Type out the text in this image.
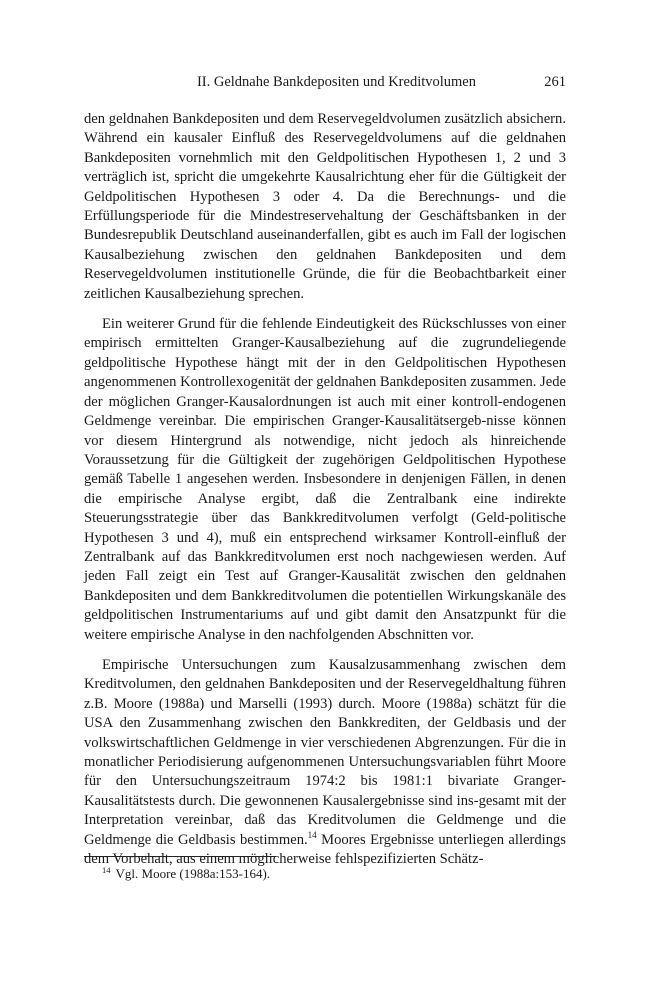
II. Geldnahe Bankdepositen und Kreditvolumen	261

den geldnahen Bankdepositen und dem Reservegeldvolumen zusätzlich absichern. Während ein kausaler Einfluß des Reservegeldvolumens auf die geldnahen Bankdepositen vornehmlich mit den Geldpolitischen Hypothesen 1, 2 und 3 verträglich ist, spricht die umgekehrte Kausalrichtung eher für die Gültigkeit der Geldpolitischen Hypothesen 3 oder 4. Da die Berechnungs- und die Erfüllungsperiode für die Mindestreservehaltung der Geschäftsbanken in der Bundesrepublik Deutschland auseinanderfallen, gibt es auch im Fall der logischen Kausalbeziehung zwischen den geldnahen Bankdepositen und dem Reservegeldvolumen institutionelle Gründe, die für die Beobachtbarkeit einer zeitlichen Kausalbeziehung sprechen.

Ein weiterer Grund für die fehlende Eindeutigkeit des Rückschlusses von einer empirisch ermittelten Granger-Kausalbeziehung auf die zugrundeliegende geldpolitische Hypothese hängt mit der in den Geldpolitischen Hypothesen angenommenen Kontrollexogenität der geldnahen Bankdepositen zusammen. Jede der möglichen Granger-Kausalordnungen ist auch mit einer kontroll-endogenen Geldmenge vereinbar. Die empirischen Granger-Kausalitätsergeb-nisse können vor diesem Hintergrund als notwendige, nicht jedoch als hinreichende Voraussetzung für die Gültigkeit der zugehörigen Geldpolitischen Hypothese gemäß Tabelle 1 angesehen werden. Insbesondere in denjenigen Fällen, in denen die empirische Analyse ergibt, daß die Zentralbank eine indirekte Steuerungsstrategie über das Bankkreditvolumen verfolgt (Geld-politische Hypothesen 3 und 4), muß ein entsprechend wirksamer Kontroll-einfluß der Zentralbank auf das Bankkreditvolumen erst noch nachgewiesen werden. Auf jeden Fall zeigt ein Test auf Granger-Kausalität zwischen den geldnahen Bankdepositen und dem Bankkreditvolumen die potentiellen Wirkungskanäle des geldpolitischen Instrumentariums auf und gibt damit den Ansatzpunkt für die weitere empirische Analyse in den nachfolgenden Abschnitten vor.

Empirische Untersuchungen zum Kausalzusammenhang zwischen dem Kreditvolumen, den geldnahen Bankdepositen und der Reservegeldhaltung führen z.B. Moore (1988a) und Marselli (1993) durch. Moore (1988a) schätzt für die USA den Zusammenhang zwischen den Bankkrediten, der Geldbasis und der volkswirtschaftlichen Geldmenge in vier verschiedenen Abgrenzungen. Für die in monatlicher Periodisierung aufgenommenen Untersuchungsvariablen führt Moore für den Untersuchungszeitraum 1974:2 bis 1981:1 bivariate Granger-Kausalitätstests durch. Die gewonnenen Kausalergebnisse sind ins-gesamt mit der Interpretation vereinbar, daß das Kreditvolumen die Geldmenge und die Geldmenge die Geldbasis bestimmen.$^{14}$ Moores Ergebnisse unterliegen allerdings dem Vorbehalt, aus einem möglicherweise fehlspezifizierten Schätz-

$^{14}$ Vgl. Moore (1988a:153-164).
